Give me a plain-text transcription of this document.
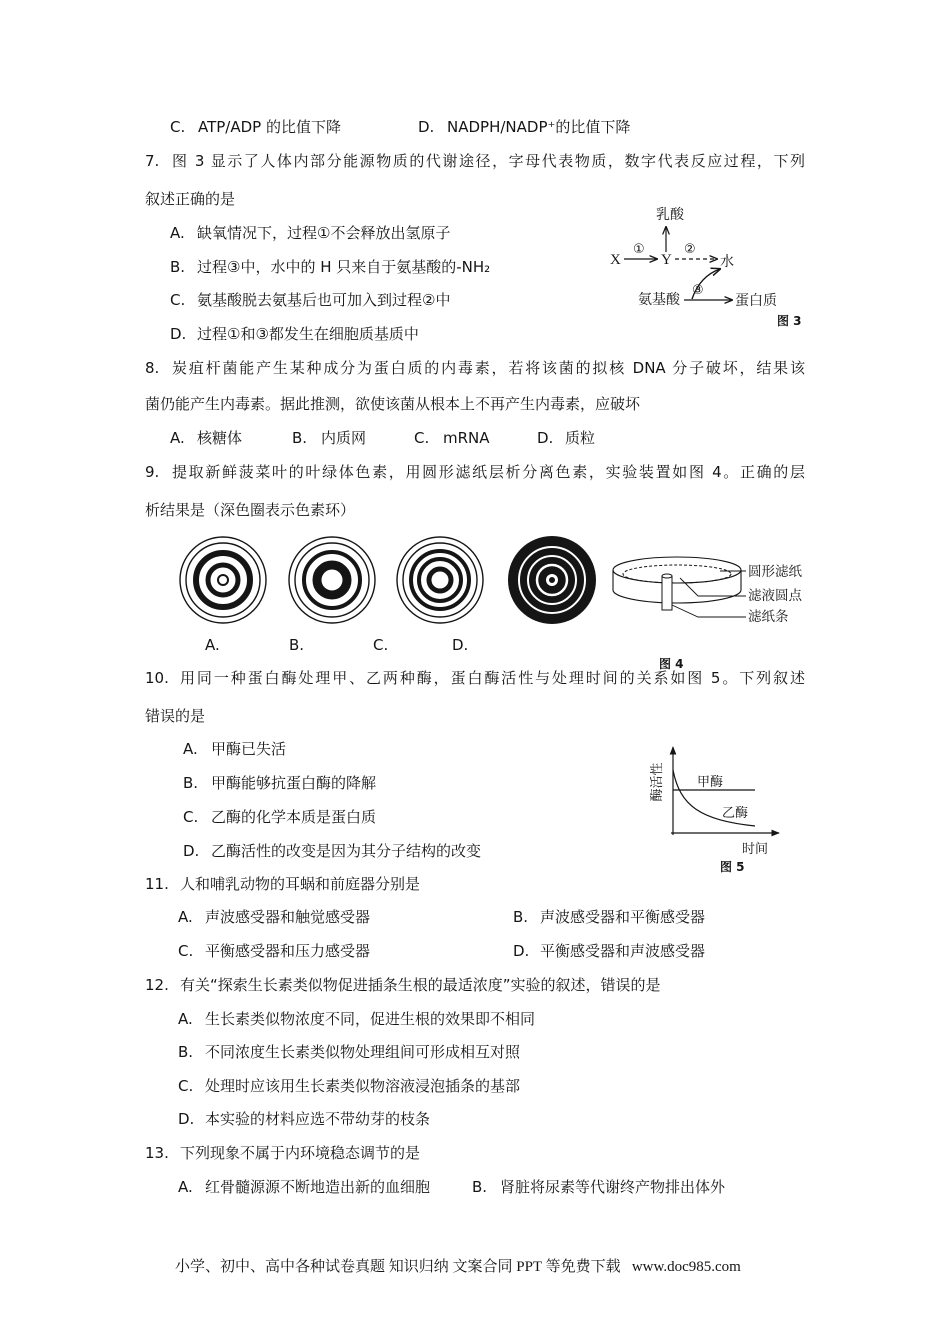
C. ATP/ADP 的比值下降	D. NADPH/NADP⁺的比值下降
7. 图 3 显示了人体内部分能源物质的代谢途径，字母代表物质，数字代表反应过程，下列
叙述正确的是
A. 缺氧情况下，过程①不会释放出氢原子
B. 过程③中，水中的 H 只来自于氨基酸的-NH₂
C. 氨基酸脱去氨基后也可加入到过程②中
D. 过程①和③都发生在细胞质基质中
乳酸
X
①
Y
②
水
氨基酸
③
蛋白质
图 3
8. 炭疽杆菌能产生某种成分为蛋白质的内毒素，若将该菌的拟核 DNA 分子破坏，结果该
菌仍能产生内毒素。据此推测，欲使该菌从根本上不再产生内毒素，应破坏
A. 核糖体	B. 内质网	C. mRNA	D. 质粒
9. 提取新鲜菠菜叶的叶绿体色素，用圆形滤纸层析分离色素，实验装置如图 4。正确的层
析结果是（深色圈表示色素环）
圆形滤纸
滤液圆点
滤纸条
A.	B.	C.	D.
图 4
10. 用同一种蛋白酶处理甲、乙两种酶，蛋白酶活性与处理时间的关系如图 5。下列叙述
错误的是
A. 甲酶已失活
B. 甲酶能够抗蛋白酶的降解
C. 乙酶的化学本质是蛋白质
D. 乙酶活性的改变是因为其分子结构的改变
酶活性 甲酶
乙酶
时间
图 5
11. 人和哺乳动物的耳蜗和前庭器分别是
A. 声波感受器和触觉感受器	B. 声波感受器和平衡感受器
C. 平衡感受器和压力感受器	D. 平衡感受器和声波感受器
12. 有关“探索生长素类似物促进插条生根的最适浓度”实验的叙述，错误的是
A. 生长素类似物浓度不同，促进生根的效果即不相同
B. 不同浓度生长素类似物处理组间可形成相互对照
C. 处理时应该用生长素类似物溶液浸泡插条的基部
D. 本实验的材料应选不带幼芽的枝条
13. 下列现象不属于内环境稳态调节的是
A. 红骨髓源源不断地造出新的血细胞	B. 肾脏将尿素等代谢终产物排出体外
小学、初中、高中各种试卷真题 知识归纳 文案合同 PPT 等免费下载   www.doc985.com
